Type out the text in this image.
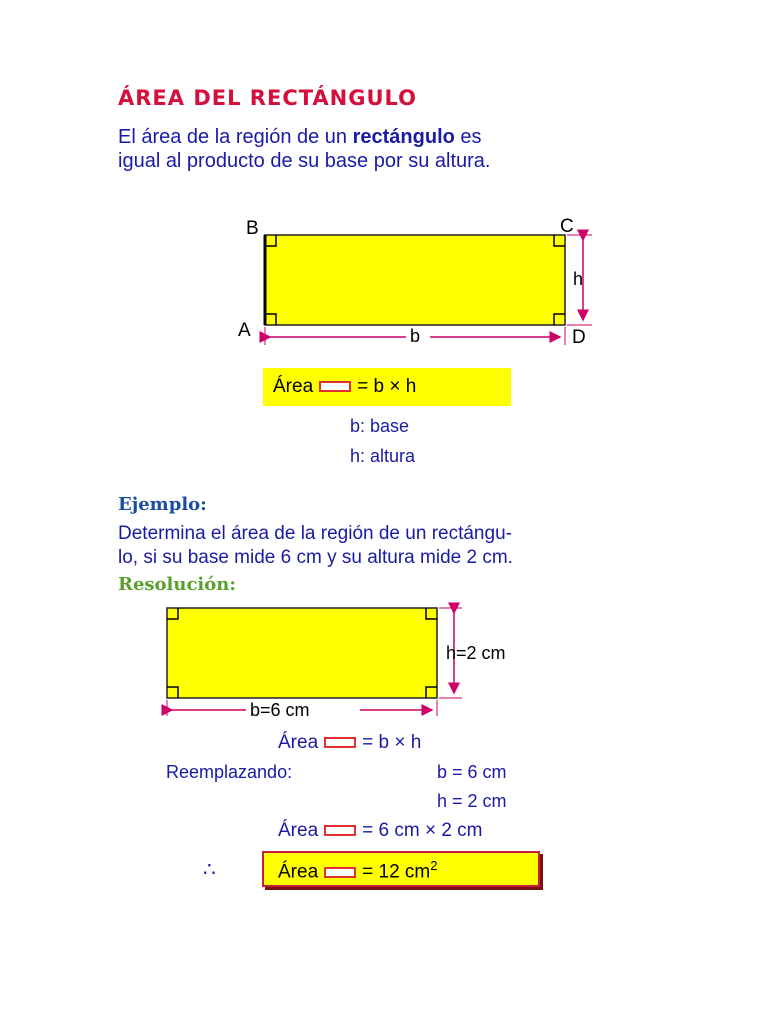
ÁREA DEL RECTÁNGULO
El área de la región de un rectángulo es
igual al producto de su base por su altura.
B	C
A	D
h
b
Área = b × h
b: base
h: altura
Ejemplo:
Determina el área de la región de un rectángu-
lo, si su base mide 6 cm y su altura mide 2 cm.
Resolución:
b=6 cm
h=2 cm
Área = b × h
Reemplazando:	b = 6 cm
h = 2 cm
Área = 6 cm × 2 cm
∴	Área = 12 $cm^2$
